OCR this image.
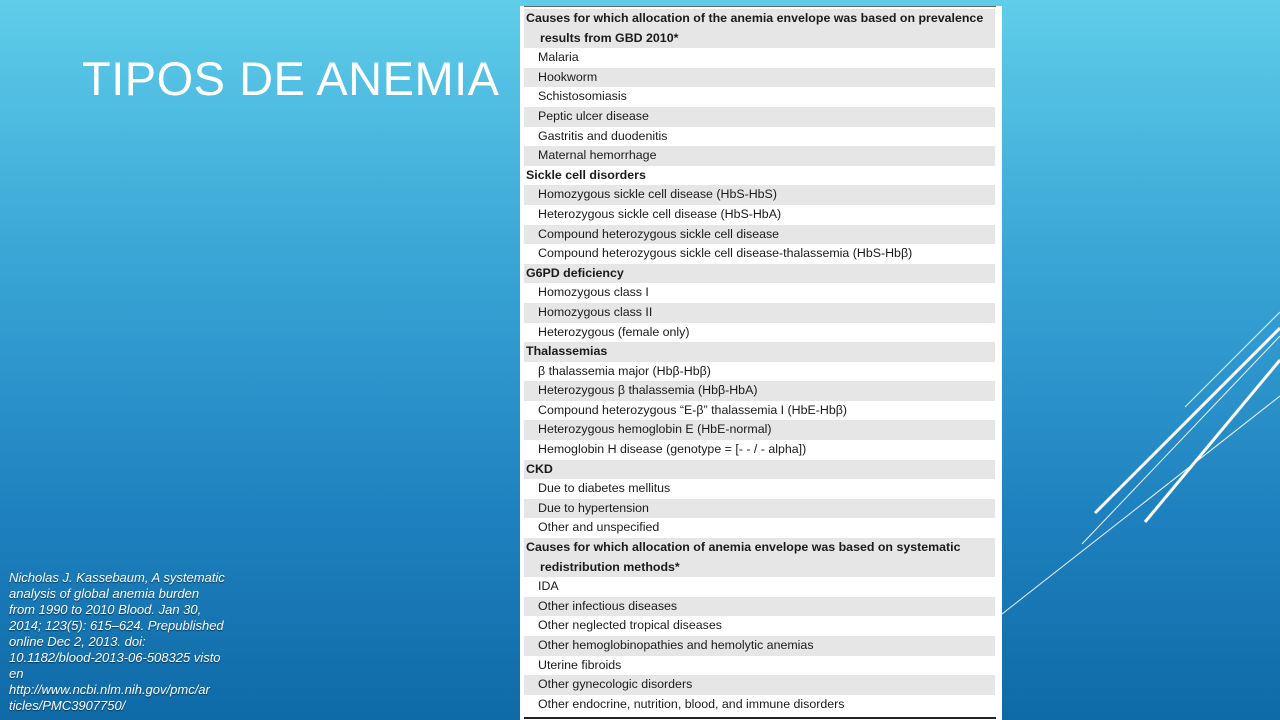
TIPOS DE ANEMIA
Nicholas J. Kassebaum, A systematic
analysis of global anemia burden
from 1990 to 2010 Blood. Jan 30,
2014; 123(5): 615–624. Prepublished
online Dec 2, 2013. doi:
10.1182/blood-2013-06-508325 visto
en
http://www.ncbi.nlm.nih.gov/pmc/ar
ticles/PMC3907750/
Causes for which allocation of the anemia envelope was based on prevalence
results from GBD 2010*
Malaria
Hookworm
Schistosomiasis
Peptic ulcer disease
Gastritis and duodenitis
Maternal hemorrhage
Sickle cell disorders
Homozygous sickle cell disease (HbS-HbS)
Heterozygous sickle cell disease (HbS-HbA)
Compound heterozygous sickle cell disease
Compound heterozygous sickle cell disease-thalassemia (HbS-Hbβ)
G6PD deficiency
Homozygous class I
Homozygous class II
Heterozygous (female only)
Thalassemias
β thalassemia major (Hbβ-Hbβ)
Heterozygous β thalassemia (Hbβ-HbA)
Compound heterozygous “E-β” thalassemia I (HbE-Hbβ)
Heterozygous hemoglobin E (HbE-normal)
Hemoglobin H disease (genotype = [- - / - alpha])
CKD
Due to diabetes mellitus
Due to hypertension
Other and unspecified
Causes for which allocation of anemia envelope was based on systematic
redistribution methods*
IDA
Other infectious diseases
Other neglected tropical diseases
Other hemoglobinopathies and hemolytic anemias
Uterine fibroids
Other gynecologic disorders
Other endocrine, nutrition, blood, and immune disorders
